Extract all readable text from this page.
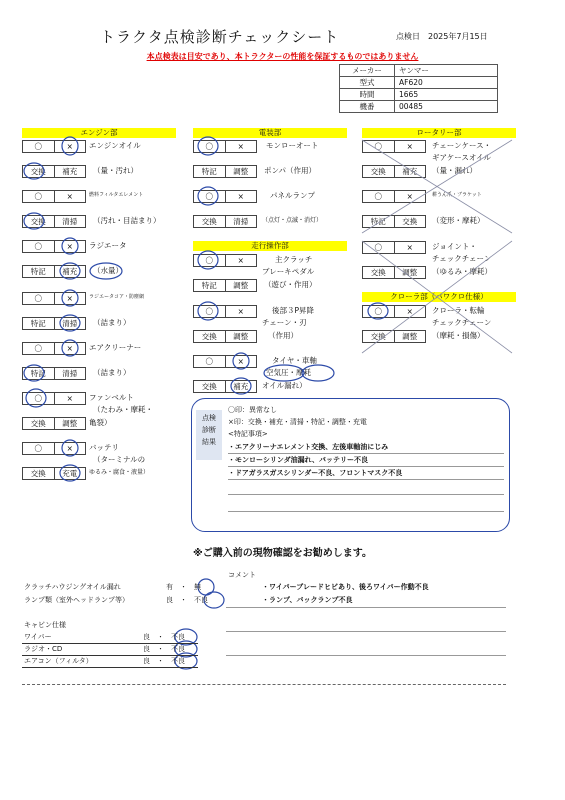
トラクタ点検診断チェックシート	点検日　2025年7月15日
本点検表は目安であり、本トラクターの性能を保証するものではありません
メーカー	ヤンマー
型式	AF620
時間	1665
機番	00485
エンジン部	電装部	ロータリー部
走行操作部
クローラ部（パワクロ仕様）
〇	×	エンジンオイル
交換	補充	（量・汚れ）
〇	×	燃料フィルタエレメント
交換	清掃	（汚れ・目詰まり）
〇	×	ラジエータ
特記	補充	（水量）
〇	×	ラジエータコア・防塵網
特記	清掃	（詰まり）
〇	×	エアクリーナー
特記	清掃	（詰まり）
〇	×	ファンベルト
（たわみ・摩耗・
交換	調整	亀裂）
〇	×	バッテリ
（ターミナルの
交換	充電	ゆるみ・腐食・液量）
〇	×	モンローオート
特記	調整	ポンパ（作用）
〇	×	パネルランプ
交換	清掃	（点灯・点滅・消灯）
〇	×	主クラッチ
ブレーキペダル
特記	調整	（遊び・作用）
〇	×	後部３P昇降
チェーン・刃
交換	調整	（作用）
〇	×	タイヤ・車軸
空気圧・摩耗
交換	補充	オイル漏れ）
〇	×	チェーンケース・
ギアケースオイル
交換	補充	（量・漏れ）
〇	×	耕うん爪・ブラケット
特記	交換	（変形・摩耗）
〇	×	ジョイント・
チェックチェーン
交換	調整	（ゆるみ・摩耗）
〇	×	クローラ・転輪
チェックチェーン
交換	調整	（摩耗・損傷）
点検
診断
結果
〇印：異常なし
×印：交換・補充・清掃・特記・調整・充電
<特記事項>
・エアクリーナエレメント交換、左後車軸油にじみ
・モンローシリンダ油漏れ、バッテリー不良
・ドアガラスガスシリンダー不良、フロントマスク不良
※ご購入前の現物確認をお勧めします。
コメント
・ワイパーブレードヒビあり、後ろワイパー作動不良
・ランプ、バックランプ不良
クラッチハウジングオイル漏れ	有　・　無
ランプ類（室外ヘッドランプ等）	良　・　不良
キャビン仕様
ワイパー	良　・　不良
ラジオ・CD	良　・　不良
エアコン（フィルタ）	良　・　不良
